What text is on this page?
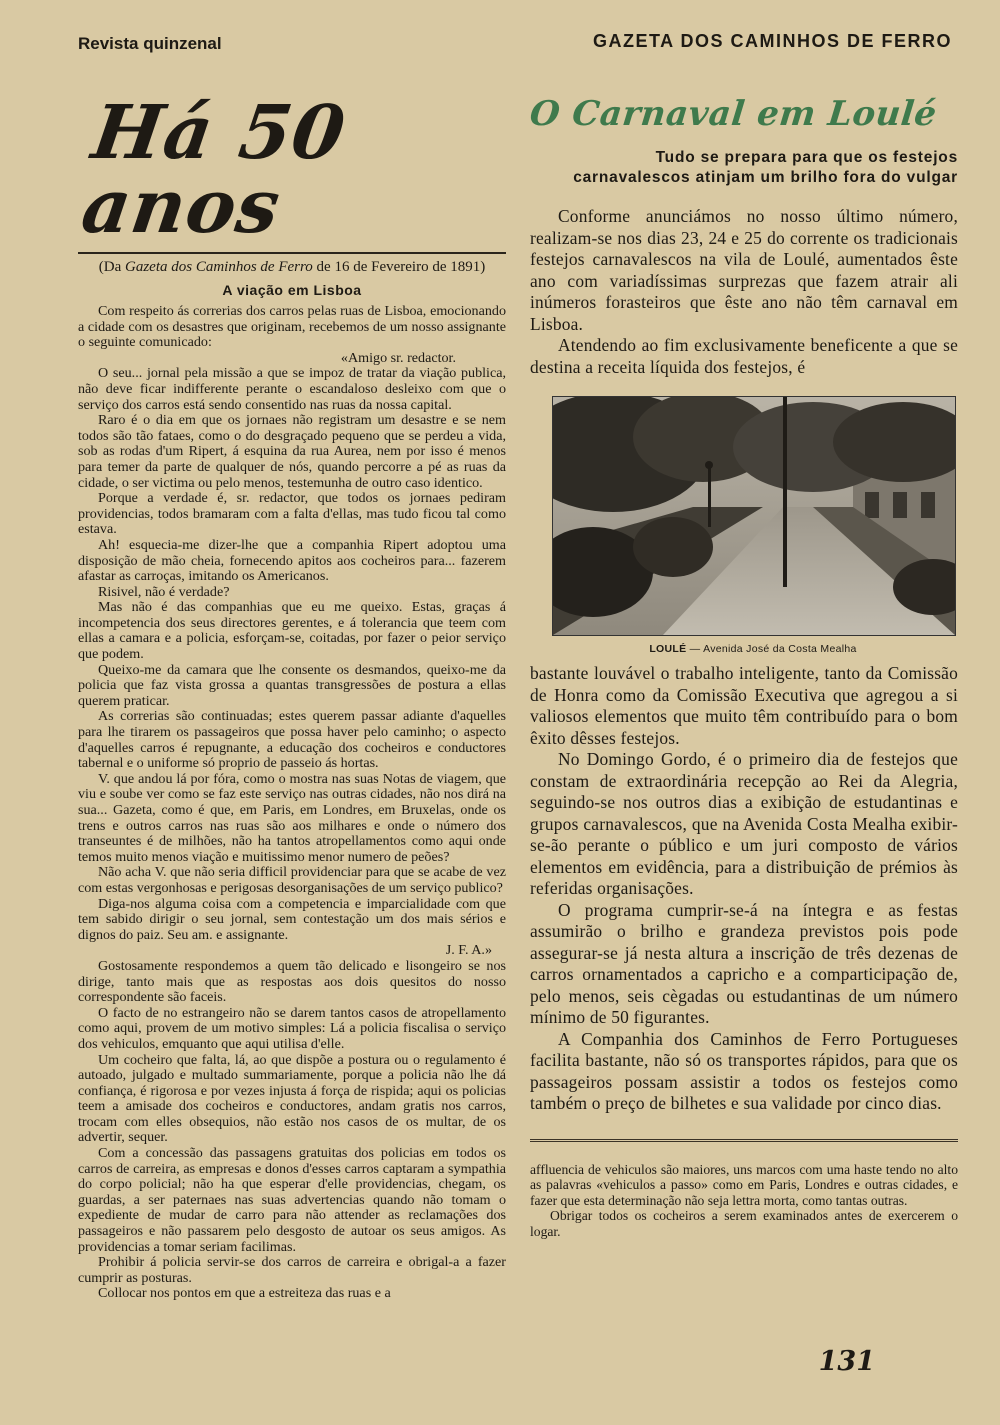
Revista quinzenal	GAZETA DOS CAMINHOS DE FERRO
Há 50 anos
(Da Gazeta dos Caminhos de Ferro de 16 de Fevereiro de 1891)
A viação em Lisboa

Com respeito ás correrias dos carros pelas ruas de Lisboa, emocionando a cidade com os desastres que originam, recebemos de um nosso assignante o seguinte comunicado:

«Amigo sr. redactor.

O seu... jornal pela missão a que se impoz de tratar da viação publica, não deve ficar indifferente perante o escandaloso desleixo com que o serviço dos carros está sendo consentido nas ruas da nossa capital.

Raro é o dia em que os jornaes não registram um desastre e se nem todos são tão fataes, como o do desgraçado pequeno que se perdeu a vida, sob as rodas d'um Ripert, á esquina da rua Aurea, nem por isso é menos para temer da parte de qualquer de nós, quando percorre a pé as ruas da cidade, o ser victima ou pelo menos, testemunha de outro caso identico.

Porque a verdade é, sr. redactor, que todos os jornaes pediram providencias, todos bramaram com a falta d'ellas, mas tudo ficou tal como estava.

Ah! esquecia-me dizer-lhe que a companhia Ripert adoptou uma disposição de mão cheia, fornecendo apitos aos cocheiros para... fazerem afastar as carroças, imitando os Americanos.

Risivel, não é verdade?

Mas não é das companhias que eu me queixo. Estas, graças á incompetencia dos seus directores gerentes, e á tolerancia que teem com ellas a camara e a policia, esforçam-se, coitadas, por fazer o peior serviço que podem.

Queixo-me da camara que lhe consente os desmandos, queixo-me da policia que faz vista grossa a quantas transgressões de postura a ellas querem praticar.

As correrias são continuadas; estes querem passar adiante d'aquelles para lhe tirarem os passageiros que possa haver pelo caminho; o aspecto d'aquelles carros é repugnante, a educação dos cocheiros e conductores tabernal e o uniforme só proprio de passeio ás hortas.

V. que andou lá por fóra, como o mostra nas suas Notas de viagem, que viu e soube ver como se faz este serviço nas outras cidades, não nos dirá na sua... Gazeta, como é que, em Paris, em Londres, em Bruxelas, onde os trens e outros carros nas ruas são aos milhares e onde o número dos transeuntes é de milhões, não ha tantos atropellamentos como aqui onde temos muito menos viação e muitissimo menor numero de peões?

Não acha V. que não seria difficil providenciar para que se acabe de vez com estas vergonhosas e perigosas desorganisações de um serviço publico?

Diga-nos alguma coisa com a competencia e imparcialidade com que tem sabido dirigir o seu jornal, sem contestação um dos mais sérios e dignos do paiz. Seu am. e assignante.

J. F. A.»

Gostosamente respondemos a quem tão delicado e lisongeiro se nos dirige, tanto mais que as respostas aos dois quesitos do nosso correspondente são faceis.

O facto de no estrangeiro não se darem tantos casos de atropellamento como aqui, provem de um motivo simples: Lá a policia fiscalisa o serviço dos vehiculos, emquanto que aqui utilisa d'elle.

Um cocheiro que falta, lá, ao que dispõe a postura ou o regulamento é autoado, julgado e multado summariamente, porque a policia não lhe dá confiança, é rigorosa e por vezes injusta á força de rispida; aqui os policias teem a amisade dos cocheiros e conductores, andam gratis nos carros, trocam com elles obsequios, não estão nos casos de os multar, de os advertir, sequer.

Com a concessão das passagens gratuitas dos policias em todos os carros de carreira, as empresas e donos d'esses carros captaram a sympathia do corpo policial; não ha que esperar d'elle providencias, chegam, os guardas, a ser paternaes nas suas advertencias quando não tomam o expediente de mudar de carro para não attender as reclamações dos passageiros e não passarem pelo desgosto de autoar os seus amigos. As providencias a tomar seriam facilimas.

Prohibir á policia servir-se dos carros de carreira e obrigal-a a fazer cumprir as posturas.

Collocar nos pontos em que a estreiteza das ruas e a

O Carnaval em Loulé
Tudo se prepara para que os festejos
carnavalescos atinjam um brilho fora do vulgar

Conforme anunciámos no nosso último número, realizam-se nos dias 23, 24 e 25 do corrente os tradicionais festejos carnavalescos na vila de Loulé, aumentados êste ano com variadíssimas surprezas que fazem atrair ali inúmeros forasteiros que êste ano não têm carnaval em Lisboa.

Atendendo ao fim exclusivamente beneficente a que se destina a receita líquida dos festejos, é

LOULÉ — Avenida José da Costa Mealha

bastante louvável o trabalho inteligente, tanto da Comissão de Honra como da Comissão Executiva que agregou a si valiosos elementos que muito têm contribuído para o bom êxito dêsses festejos.

No Domingo Gordo, é o primeiro dia de festejos que constam de extraordinária recepção ao Rei da Alegria, seguindo-se nos outros dias a exibição de estudantinas e grupos carnavalescos, que na Avenida Costa Mealha exibir-se-ão perante o público e um juri composto de vários elementos em evidência, para a distribuição de prémios às referidas organisações.

O programa cumprir-se-á na íntegra e as festas assumirão o brilho e grandeza previstos pois pode assegurar-se já nesta altura a inscrição de três dezenas de carros ornamentados a capricho e a comparticipação de, pelo menos, seis cègadas ou estudantinas de um número mínimo de 50 figurantes.

A Companhia dos Caminhos de Ferro Portugueses facilita bastante, não só os transportes rápidos, para que os passageiros possam assistir a todos os festejos como também o preço de bilhetes e sua validade por cinco dias.

affluencia de vehiculos são maiores, uns marcos com uma haste tendo no alto as palavras «vehiculos a passo» como em Paris, Londres e outras cidades, e fazer que esta determinação não seja lettra morta, como tantas outras.

Obrigar todos os cocheiros a serem examinados antes de exercerem o logar.

131
